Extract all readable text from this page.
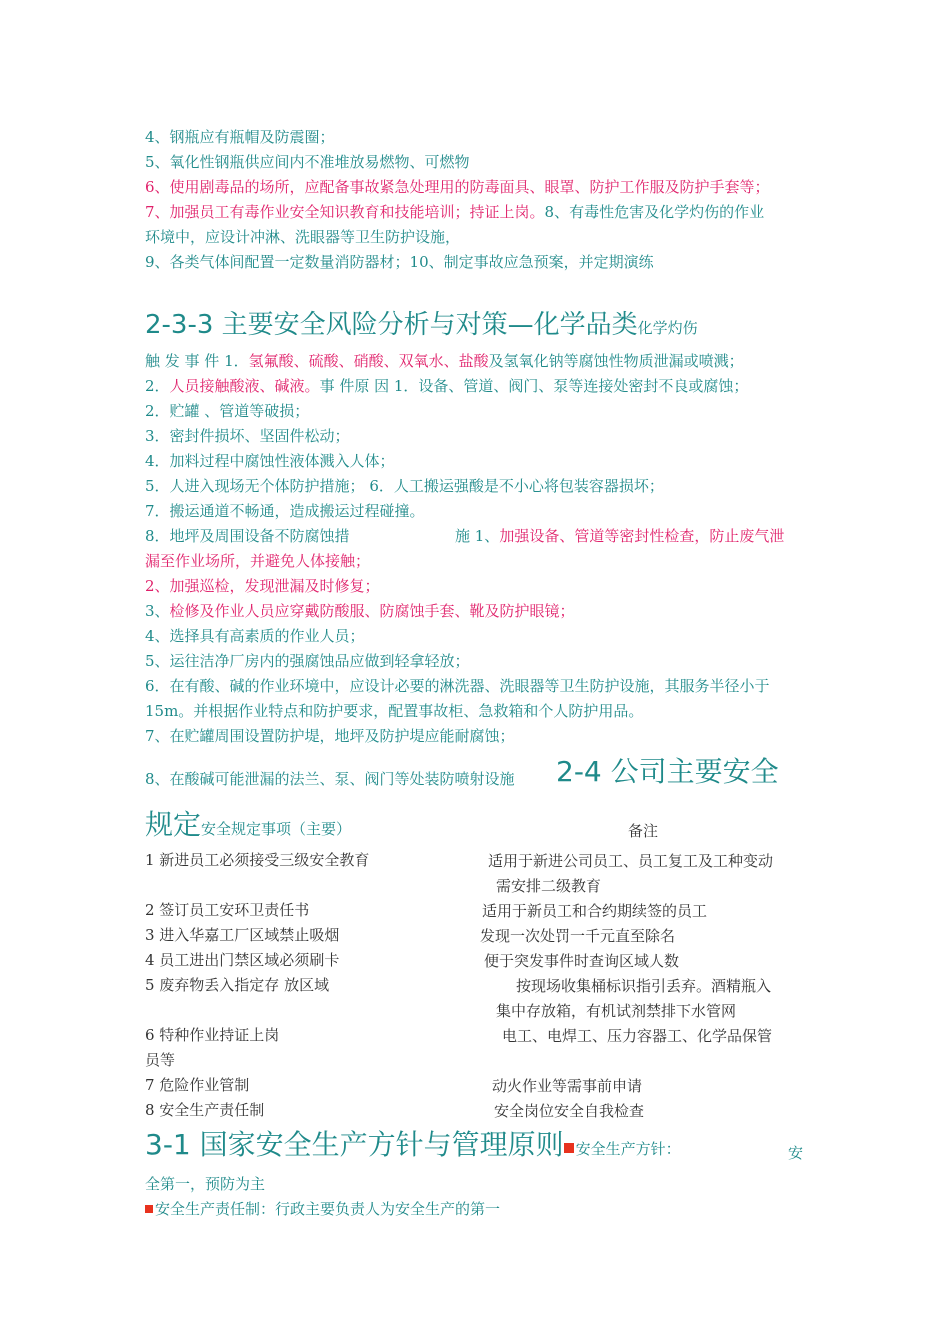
4、钢瓶应有瓶帽及防震圈；
5、氧化性钢瓶供应间内不准堆放易燃物、可燃物
6、使用剧毒品的场所，应配备事故紧急处理用的防毒面具、眼罩、防护工作服及防护手套等；
7、加强员工有毒作业安全知识教育和技能培训；持证上岗。8、有毒性危害及化学灼伤的作业
环境中，应设计冲淋、洗眼器等卫生防护设施，
9、各类气体间配置一定数量消防器材；10、制定事故应急预案，并定期演练
2-3-3 主要安全风险分析与对策—化学品类化学灼伤
触 发 事 件 1．氢氟酸、硫酸、硝酸、双氧水、盐酸及氢氧化钠等腐蚀性物质泄漏或喷溅；
2．人员接触酸液、碱液。事 件原 因 1．设备、管道、阀门、泵等连接处密封不良或腐蚀；
2．贮罐 、管道等破损；
3．密封件损坏、坚固件松动；
4．加料过程中腐蚀性液体溅入人体；
5．人进入现场无个体防护措施； 6．人工搬运强酸是不小心将包装容器损坏；
7．搬运通道不畅通，造成搬运过程碰撞。
8．地坪及周围设备不防腐蚀措	施 1、加强设备、管道等密封性检查，防止废气泄
漏至作业场所，并避免人体接触；
2、加强巡检，发现泄漏及时修复；
3、检修及作业人员应穿戴防酸服、防腐蚀手套、靴及防护眼镜；
4、选择具有高素质的作业人员；
5、运往洁净厂房内的强腐蚀品应做到轻拿轻放；
6．在有酸、碱的作业环境中，应设计必要的淋洗器、洗眼器等卫生防护设施，其服务半径小于
15m。并根据作业特点和防护要求，配置事故柜、急救箱和个人防护用品。
7、在贮罐周围设置防护堤，地坪及防护堤应能耐腐蚀；
8、在酸碱可能泄漏的法兰、泵、阀门等处装防喷射设施 2-4 公司主要安全
规定安全规定事项（主要）	备注
1 新进员工必须接受三级安全教育	适用于新进公司员工、员工复工及工种变动
需安排二级教育
2 签订员工安环卫责任书	适用于新员工和合约期续签的员工
3 进入华嘉工厂区域禁止吸烟	发现一次处罚一千元直至除名
4 员工进出门禁区域必须刷卡	便于突发事件时查询区域人数
5 废弃物丢入指定存 放区域	按现场收集桶标识指引丢弃。酒精瓶入
集中存放箱，有机试剂禁排下水管网
6 特种作业持证上岗	电工、电焊工、压力容器工、化学品保管
员等
7 危险作业管制	动火作业等需事前申请
8 安全生产责任制	安全岗位安全自我检查
3-1 国家安全生产方针与管理原则 安全生产方针：	安
全第一，预防为主
安全生产责任制：行政主要负责人为安全生产的第一
